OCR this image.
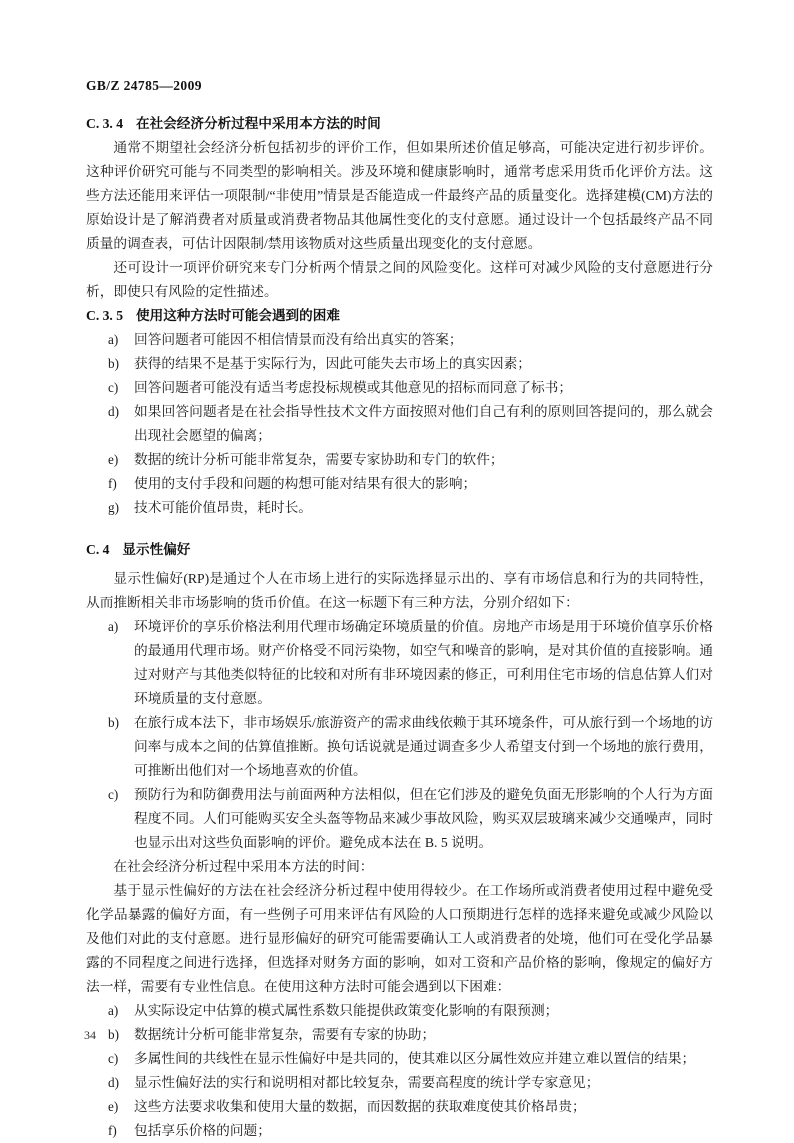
GB/Z 24785—2009
C. 3. 4 在社会经济分析过程中采用本方法的时间

通常不期望社会经济分析包括初步的评价工作，但如果所述价值足够高，可能决定进行初步评价。这种评价研究可能与不同类型的影响相关。涉及环境和健康影响时，通常考虑采用货币化评价方法。这些方法还能用来评估一项限制/“非使用”情景是否能造成一件最终产品的质量变化。选择建模(CM)方法的原始设计是了解消费者对质量或消费者物品其他属性变化的支付意愿。通过设计一个包括最终产品不同质量的调查表，可估计因限制/禁用该物质对这些质量出现变化的支付意愿。

还可设计一项评价研究来专门分析两个情景之间的风险变化。这样可对减少风险的支付意愿进行分析，即使只有风险的定性描述。

C. 3. 5 使用这种方法时可能会遇到的困难
a)	回答问题者可能因不相信情景而没有给出真实的答案；
b)	获得的结果不是基于实际行为，因此可能失去市场上的真实因素；
c)	回答问题者可能没有适当考虑投标规模或其他意见的招标而同意了标书；
d)	如果回答问题者是在社会指导性技术文件方面按照对他们自己有利的原则回答提问的，那么就会出现社会愿望的偏离；
e)	数据的统计分析可能非常复杂，需要专家协助和专门的软件；
f)	使用的支付手段和问题的构想可能对结果有很大的影响；
g)	技术可能价值昂贵，耗时长。
C. 4 显示性偏好

显示性偏好(RP)是通过个人在市场上进行的实际选择显示出的、享有市场信息和行为的共同特性，从而推断相关非市场影响的货币价值。在这一标题下有三种方法，分别介绍如下：

a)	环境评价的享乐价格法利用代理市场确定环境质量的价值。房地产市场是用于环境价值享乐价格的最通用代理市场。财产价格受不同污染物，如空气和噪音的影响，是对其价值的直接影响。通过对财产与其他类似特征的比较和对所有非环境因素的修正，可利用住宅市场的信息估算人们对环境质量的支付意愿。
b)	在旅行成本法下，非市场娱乐/旅游资产的需求曲线依赖于其环境条件，可从旅行到一个场地的访问率与成本之间的估算值推断。换句话说就是通过调查多少人希望支付到一个场地的旅行费用，可推断出他们对一个场地喜欢的价值。
c)	预防行为和防御费用法与前面两种方法相似，但在它们涉及的避免负面无形影响的个人行为方面程度不同。人们可能购买安全头盔等物品来减少事故风险，购买双层玻璃来减少交通噪声，同时也显示出对这些负面影响的评价。避免成本法在 B. 5 说明。

在社会经济分析过程中采用本方法的时间：

基于显示性偏好的方法在社会经济分析过程中使用得较少。在工作场所或消费者使用过程中避免受化学品暴露的偏好方面，有一些例子可用来评估有风险的人口预期进行怎样的选择来避免或减少风险以及他们对此的支付意愿。进行显形偏好的研究可能需要确认工人或消费者的处境，他们可在受化学品暴露的不同程度之间进行选择，但选择对财务方面的影响，如对工资和产品价格的影响，像规定的偏好方法一样，需要有专业性信息。在使用这种方法时可能会遇到以下困难：

a)	从实际设定中估算的模式属性系数只能提供政策变化影响的有限预测；
b)	数据统计分析可能非常复杂，需要有专家的协助；
c)	多属性间的共线性在显示性偏好中是共同的，使其难以区分属性效应并建立难以置信的结果；
d)	显示性偏好法的实行和说明相对都比较复杂，需要高程度的统计学专家意见；
e)	这些方法要求收集和使用大量的数据，而因数据的获取难度使其价格昂贵；
f)	包括享乐价格的问题；
34
